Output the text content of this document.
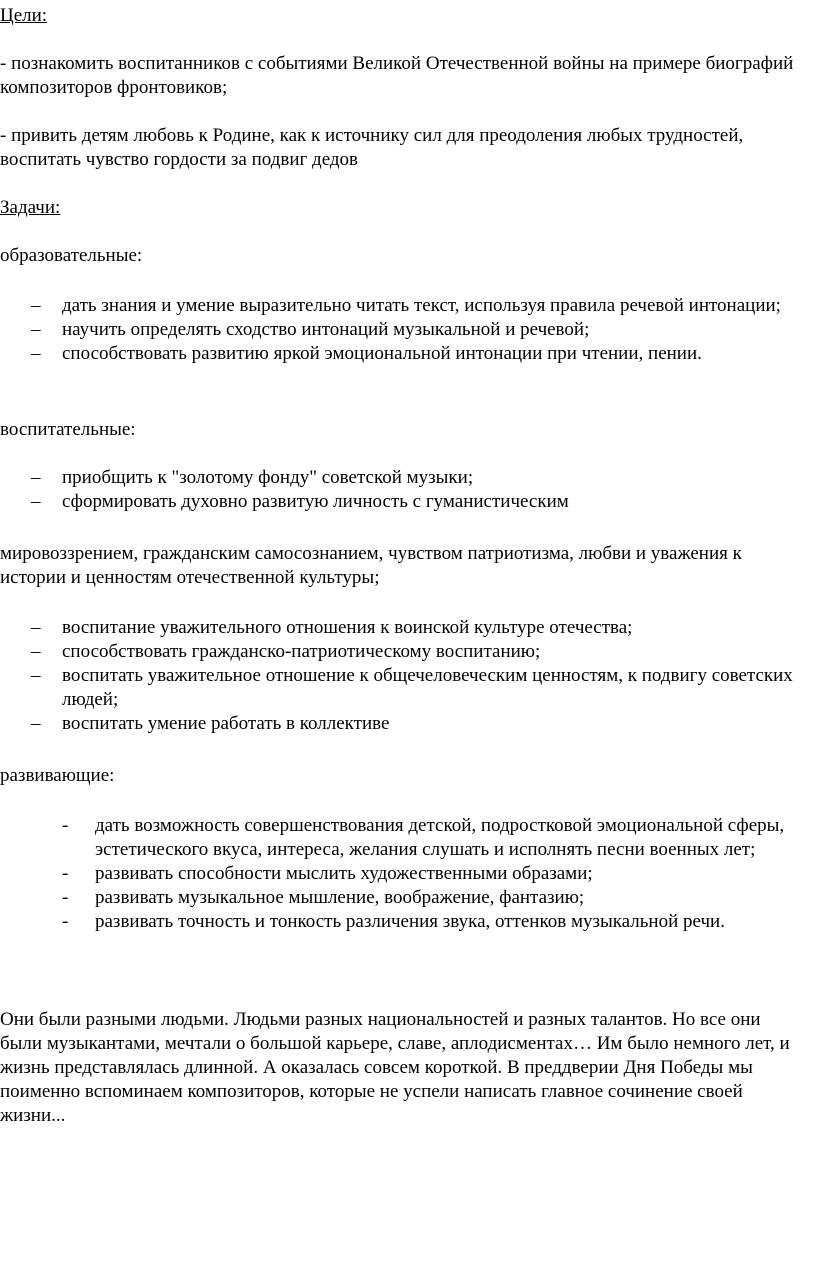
Цели:

- познакомить воспитанников с событиями Великой Отечественной войны на примере биографий композиторов фронтовиков;

- привить детям любовь к Родине, как к источнику сил для преодоления любых трудностей, воспитать чувство гордости за подвиг дедов

Задачи:

образовательные:

– дать знания и умение выразительно читать текст, используя правила речевой интонации;
– научить определять сходство интонаций музыкальной и речевой;
– способствовать развитию яркой эмоциональной интонации при чтении, пении.

воспитательные:

– приобщить к "золотому фонду" советской музыки;
– сформировать духовно развитую личность с гуманистическим

мировоззрением, гражданским самосознанием, чувством патриотизма, любви и уважения к истории и ценностям отечественной культуры;

– воспитание уважительного отношения к воинской культуре отечества;
– способствовать гражданско-патриотическому воспитанию;
– воспитать уважительное отношение к общечеловеческим ценностям, к подвигу советских людей;
– воспитать умение работать в коллективе

развивающие:

- дать возможность совершенствования детской, подростковой эмоциональной сферы, эстетического вкуса, интереса, желания слушать и исполнять песни военных лет;
- развивать способности мыслить художественными образами;
- развивать музыкальное мышление, воображение, фантазию;
- развивать точность и тонкость различения звука, оттенков музыкальной речи.

Они были разными людьми. Людьми разных национальностей и разных талантов. Но все они были музыкантами, мечтали о большой карьере, славе, аплодисментах… Им было немного лет, и жизнь представлялась длинной. А оказалась совсем короткой. В преддверии Дня Победы мы поименно вспоминаем композиторов, которые не успели написать главное сочинение своей жизни...
